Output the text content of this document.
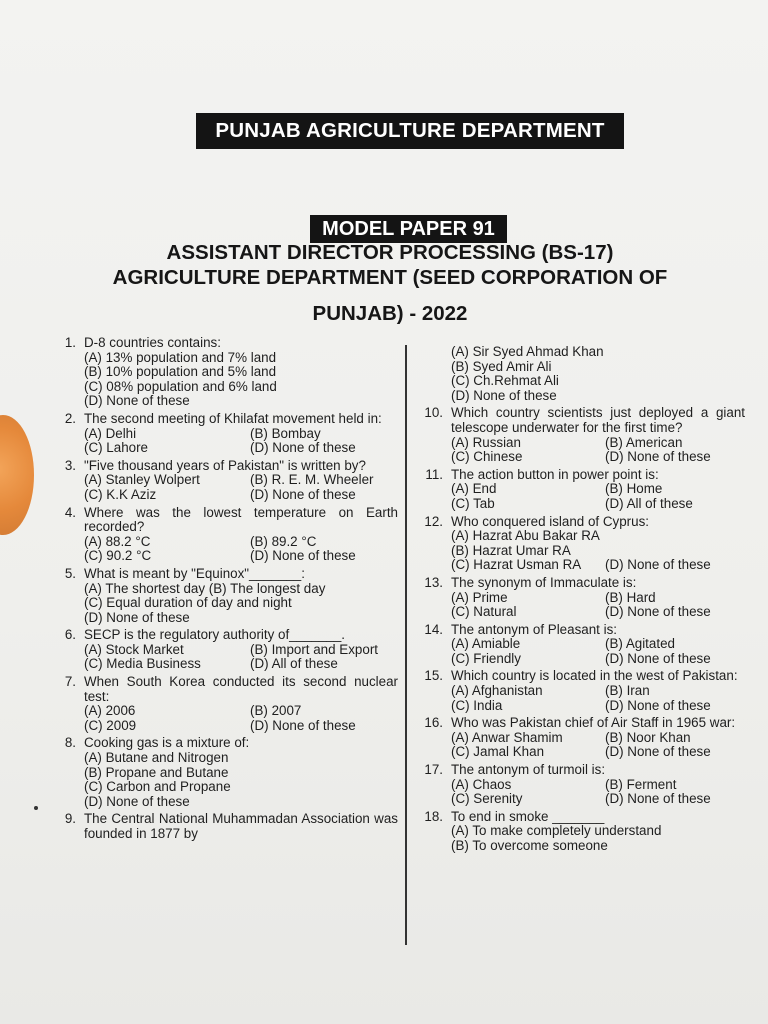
PUNJAB AGRICULTURE DEPARTMENT
MODEL PAPER 91
ASSISTANT DIRECTOR PROCESSING (BS-17)
AGRICULTURE DEPARTMENT (SEED CORPORATION OF
PUNJAB) - 2022
1. D-8 countries contains:
(A) 13% population and 7% land
(B) 10% population and 5% land
(C) 08% population and 6% land
(D) None of these
2. The second meeting of Khilafat movement held in:
(A) Delhi	(B) Bombay
(C) Lahore	(D) None of these
3. "Five thousand years of Pakistan" is written by?
(A) Stanley Wolpert	(B) R. E. M. Wheeler
(C) K.K Aziz	(D) None of these
4. Where was the lowest temperature on Earth recorded?
(A) 88.2 °C	(B) 89.2 °C
(C) 90.2 °C	(D) None of these
5. What is meant by "Equinox"_______:
(A) The shortest day (B) The longest day
(C) Equal duration of day and night
(D) None of these
6. SECP is the regulatory authority of_______.
(A) Stock Market	(B) Import and Export
(C) Media Business	(D) All of these
7. When South Korea conducted its second nuclear test:
(A) 2006	(B) 2007
(C) 2009	(D) None of these
8. Cooking gas is a mixture of:
(A) Butane and Nitrogen
(B) Propane and Butane
(C) Carbon and Propane
(D) None of these
9. The Central National Muhammadan Association was founded in 1877 by
(A) Sir Syed Ahmad Khan
(B) Syed Amir Ali
(C) Ch.Rehmat Ali
(D) None of these
10. Which country scientists just deployed a giant telescope underwater for the first time?
(A) Russian	(B) American
(C) Chinese	(D) None of these
11. The action button in power point is:
(A) End	(B) Home
(C) Tab	(D) All of these
12. Who conquered island of Cyprus:
(A) Hazrat Abu Bakar RA
(B) Hazrat Umar RA
(C) Hazrat Usman RA	(D) None of these
13. The synonym of Immaculate is:
(A) Prime	(B) Hard
(C) Natural	(D) None of these
14. The antonym of Pleasant is:
(A) Amiable	(B) Agitated
(C) Friendly	(D) None of these
15. Which country is located in the west of Pakistan:
(A) Afghanistan	(B) Iran
(C) India	(D) None of these
16. Who was Pakistan chief of Air Staff in 1965 war:
(A) Anwar Shamim	(B) Noor Khan
(C) Jamal Khan	(D) None of these
17. The antonym of turmoil is:
(A) Chaos	(B) Ferment
(C) Serenity	(D) None of these
18. To end in smoke _______
(A) To make completely understand
(B) To overcome someone
